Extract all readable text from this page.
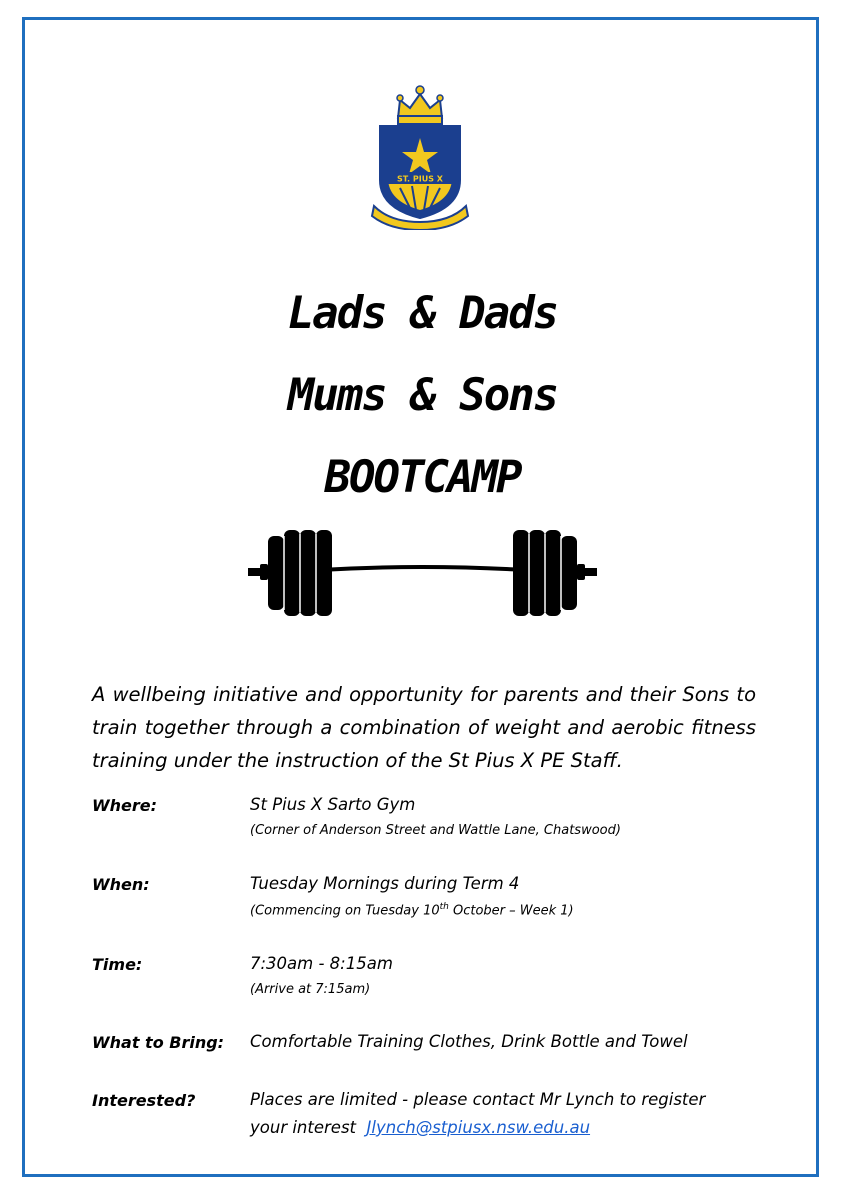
ST. PIUS X
Lads & Dads
Mums & Sons
BOOTCAMP
A wellbeing initiative and opportunity for parents and their Sons to train together through a combination of weight and aerobic fitness training under the instruction of the St Pius X PE Staff.
Where:	St Pius X Sarto Gym
(Corner of Anderson Street and Wattle Lane, Chatswood)
When:	Tuesday Mornings during Term 4
(Commencing on Tuesday 10th October – Week 1)
Time:	7:30am - 8:15am
(Arrive at 7:15am)
What to Bring: Comfortable Training Clothes, Drink Bottle and Towel
Interested?	Places are limited - please contact Mr Lynch to register
your interest Jlynch@stpiusx.nsw.edu.au
